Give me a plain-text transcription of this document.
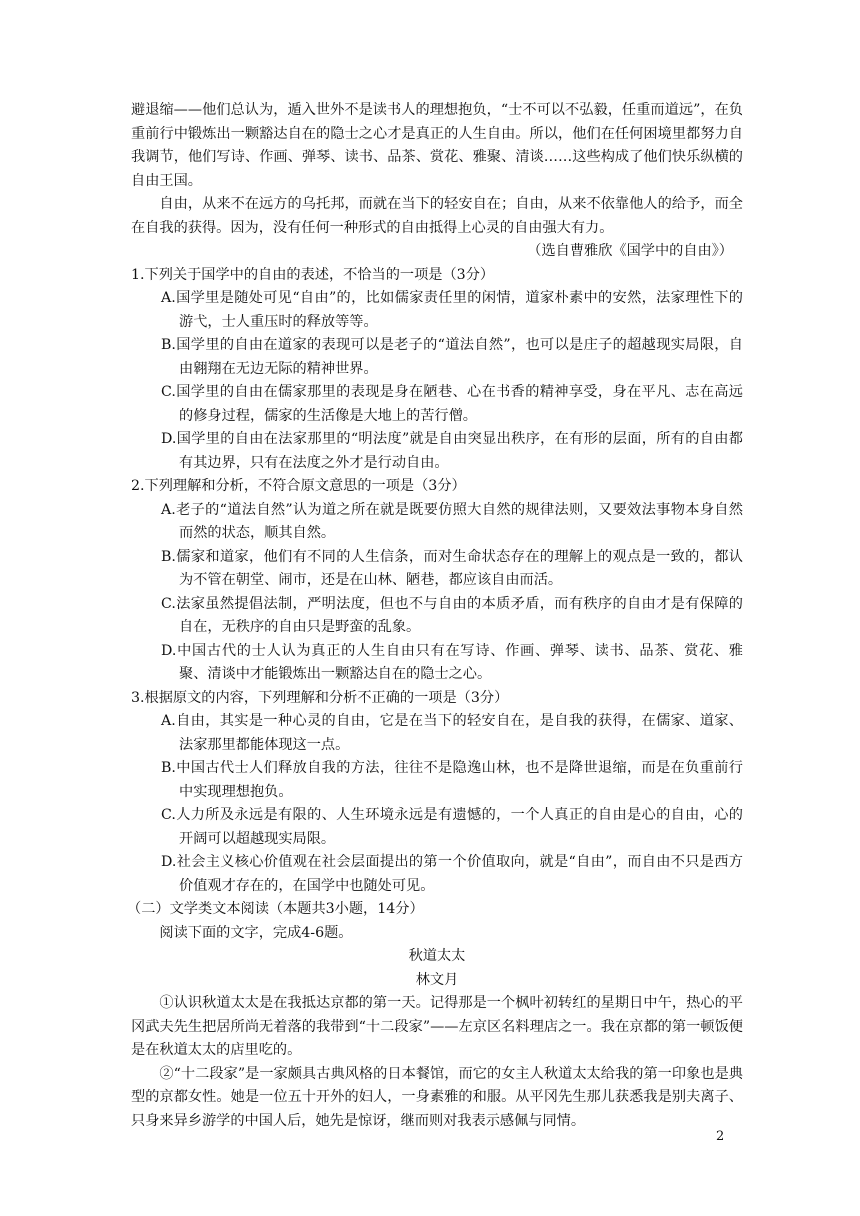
避退缩——他们总认为，遁入世外不是读书人的理想抱负，“士不可以不弘毅，任重而道远”，在负重前行中锻炼出一颗豁达自在的隐士之心才是真正的人生自由。所以，他们在任何困境里都努力自我调节，他们写诗、作画、弹琴、读书、品茶、赏花、雅聚、清谈……这些构成了他们快乐纵横的自由王国。

自由，从来不在远方的乌托邦，而就在当下的轻安自在；自由，从来不依靠他人的给予，而全在自我的获得。因为，没有任何一种形式的自由抵得上心灵的自由强大有力。

（选自曹雅欣《国学中的自由》）

1.下列关于国学中的自由的表述，不恰当的一项是（3分）

A.国学里是随处可见“自由”的，比如儒家责任里的闲情，道家朴素中的安然，法家理性下的游弋，士人重压时的释放等等。

B.国学里的自由在道家的表现可以是老子的“道法自然”，也可以是庄子的超越现实局限，自由翱翔在无边无际的精神世界。

C.国学里的自由在儒家那里的表现是身在陋巷、心在书香的精神享受，身在平凡、志在高远的修身过程，儒家的生活像是大地上的苦行僧。

D.国学里的自由在法家那里的“明法度”就是自由突显出秩序，在有形的层面，所有的自由都有其边界，只有在法度之外才是行动自由。

2.下列理解和分析，不符合原文意思的一项是（3分）

A.老子的“道法自然”认为道之所在就是既要仿照大自然的规律法则，又要效法事物本身自然而然的状态，顺其自然。

B.儒家和道家，他们有不同的人生信条，而对生命状态存在的理解上的观点是一致的，都认为不管在朝堂、闹市，还是在山林、陋巷，都应该自由而活。

C.法家虽然提倡法制，严明法度，但也不与自由的本质矛盾，而有秩序的自由才是有保障的自在，无秩序的自由只是野蛮的乱象。

D.中国古代的士人认为真正的人生自由只有在写诗、作画、弹琴、读书、品茶、赏花、雅聚、清谈中才能锻炼出一颗豁达自在的隐士之心。

3.根据原文的内容，下列理解和分析不正确的一项是（3分）

A.自由，其实是一种心灵的自由，它是在当下的轻安自在，是自我的获得，在儒家、道家、法家那里都能体现这一点。

B.中国古代士人们释放自我的方法，往往不是隐逸山林，也不是降世退缩，而是在负重前行中实现理想抱负。

C.人力所及永远是有限的、人生环境永远是有遗憾的，一个人真正的自由是心的自由，心的开阔可以超越现实局限。

D.社会主义核心价值观在社会层面提出的第一个价值取向，就是“自由”，而自由不只是西方价值观才存在的，在国学中也随处可见。

（二）文学类文本阅读（本题共3小题，14分）

阅读下面的文字，完成4-6题。

秋道太太

林文月

①认识秋道太太是在我抵达京都的第一天。记得那是一个枫叶初转红的星期日中午，热心的平冈武夫先生把居所尚无着落的我带到“十二段家”——左京区名料理店之一。我在京都的第一顿饭便是在秋道太太的店里吃的。

②“十二段家”是一家颇具古典风格的日本餐馆，而它的女主人秋道太太给我的第一印象也是典型的京都女性。她是一位五十开外的妇人，一身素雅的和服。从平冈先生那儿获悉我是别夫离子、只身来异乡游学的中国人后，她先是惊讶，继而则对我表示感佩与同情。

2
